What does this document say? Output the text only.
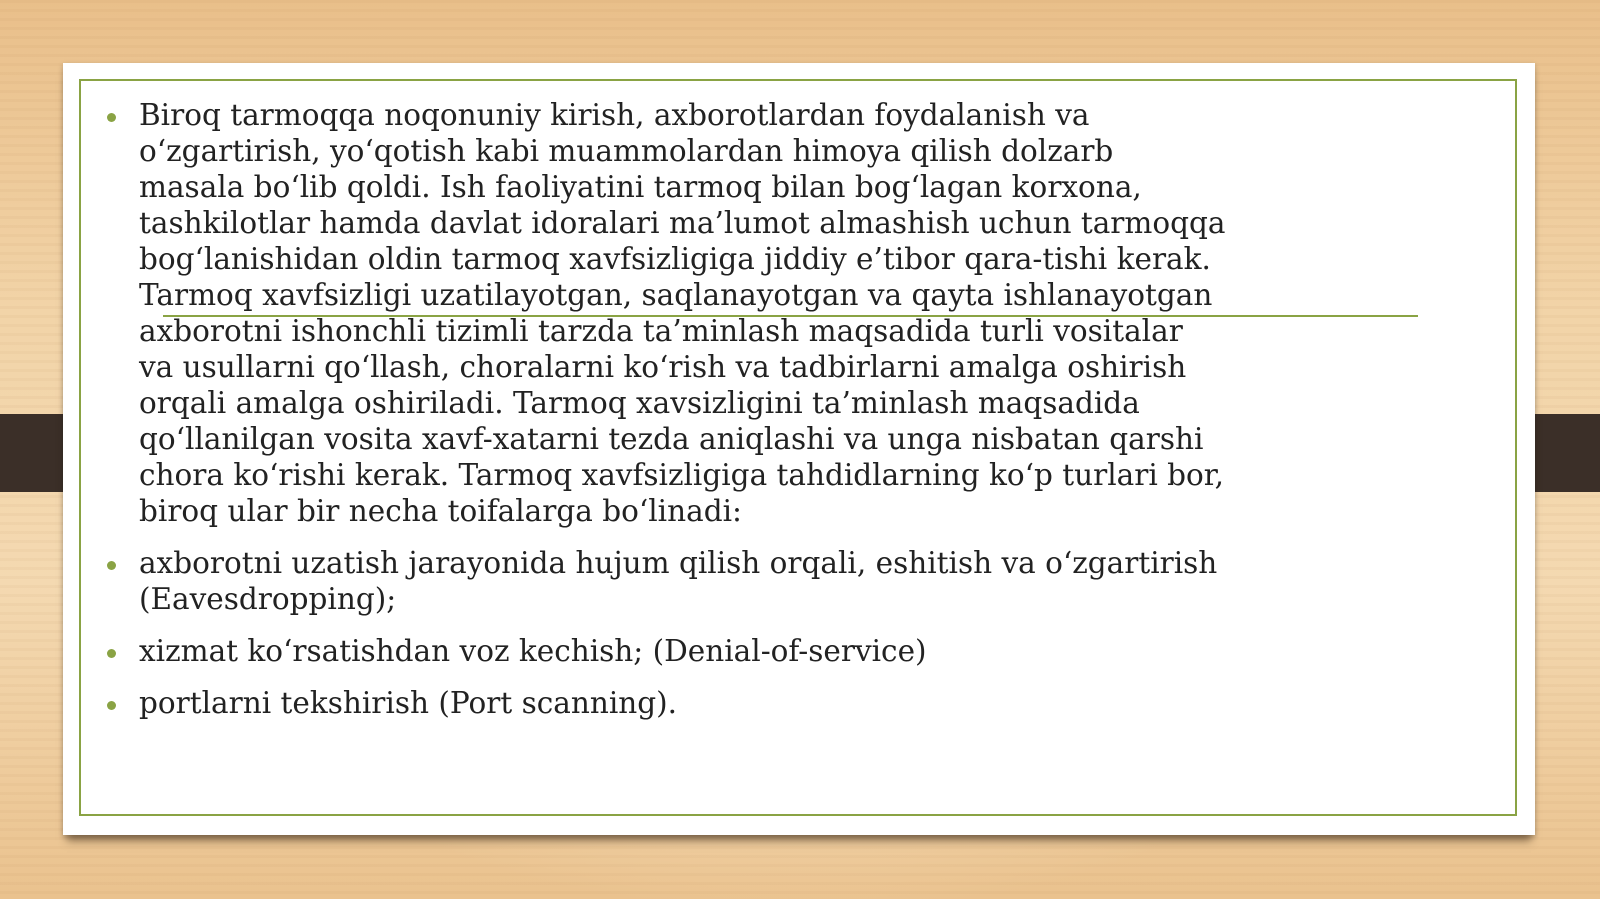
Biroq tarmoqqa noqonuniy kirish, axborotlardan foydalanish va
o‘zgartirish, yo‘qotish kabi muammolardan himoya qilish dolzarb
masala bo‘lib qoldi. Ish faoliyatini tarmoq bilan bog‘lagan korxona,
tashkilotlar hamda davlat idoralari ma’lumot almashish uchun tarmoqqa
bog‘lanishidan oldin tarmoq xavfsizligiga jiddiy e’tibor qara-tishi kerak.
Tarmoq xavfsizligi uzatilayotgan, saqlanayotgan va qayta ishlanayotgan
axborotni ishonchli tizimli tarzda ta’minlash maqsadida turli vositalar
va usullarni qo‘llash, choralarni ko‘rish va tadbirlarni amalga oshirish
orqali amalga oshiriladi. Tarmoq xavsizligini ta’minlash maqsadida
qo‘llanilgan vosita xavf-xatarni tezda aniqlashi va unga nisbatan qarshi
chora ko‘rishi kerak. Tarmoq xavfsizligiga tahdidlarning ko‘p turlari bor,
biroq ular bir necha toifalarga bo‘linadi:
axborotni uzatish jarayonida hujum qilish orqali, eshitish va o‘zgartirish
(Eavesdropping);
xizmat ko‘rsatishdan voz kechish; (Denial-of-service)
portlarni tekshirish (Port scanning).
